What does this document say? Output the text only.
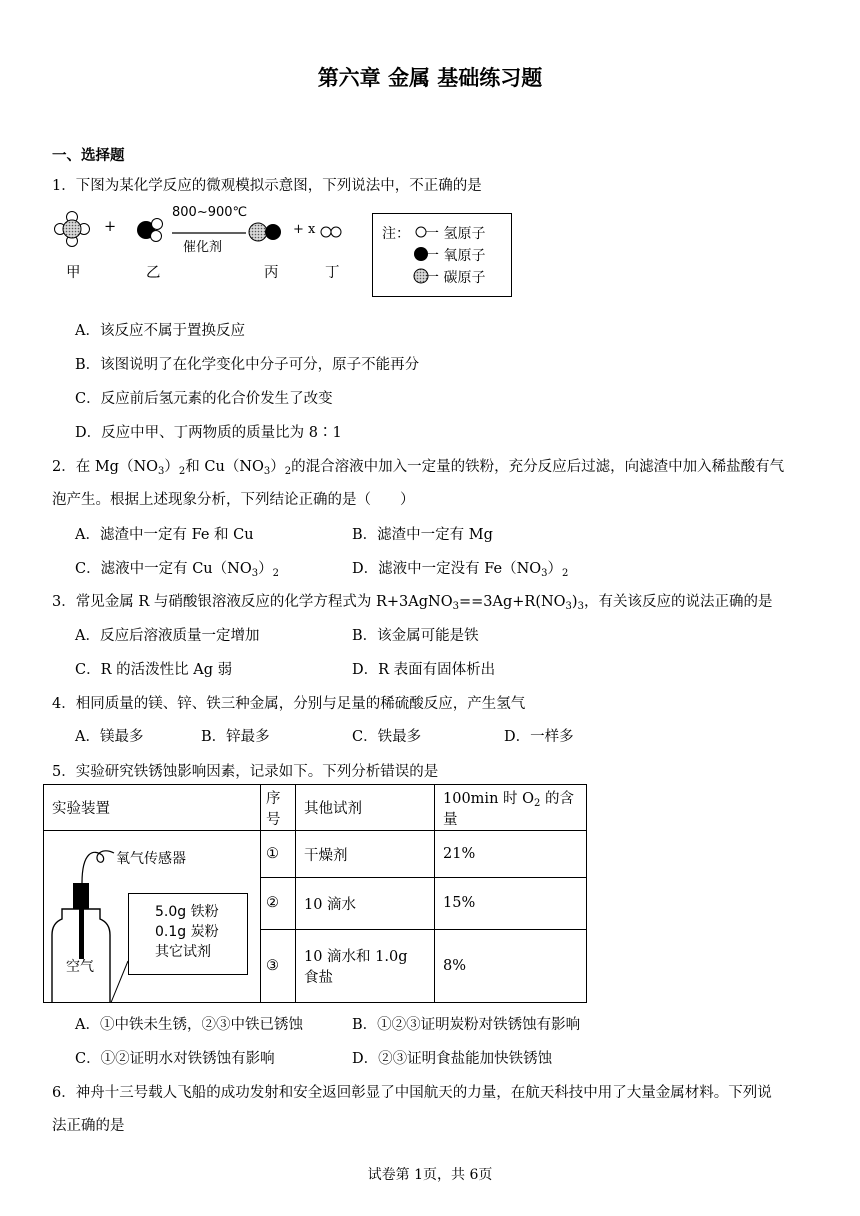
第六章 金属 基础练习题
一、选择题
1．下图为某化学反应的微观模拟示意图，下列说法中，不正确的是
+
800~900℃
催化剂
+ x
甲	乙	丙	丁
注： 一 氢原子
一 氧原子
一 碳原子
A．该反应不属于置换反应
B．该图说明了在化学变化中分子可分，原子不能再分
C．反应前后氢元素的化合价发生了改变
D．反应中甲、丁两物质的质量比为 8∶1
2．在 $Mg(NO_3)_2$和 $Cu(NO_3)_2$的混合溶液中加入一定量的铁粉，充分反应后过滤，向滤渣中加入稀盐酸有气
泡产生。根据上述现象分析，下列结论正确的是（　　）
A．滤渣中一定有 Fe 和 Cu	B．滤渣中一定有 Mg
C．滤液中一定有 $Cu(NO_3)_2$	D．滤液中一定没有 $Fe(NO_3)_2$
3．常见金属 R 与硝酸银溶液反应的化学方程式为 $R+3AgNO_3==3Ag+R(NO_3)_3$，有关该反应的说法正确的是
A．反应后溶液质量一定增加	B．该金属可能是铁
C．R 的活泼性比 Ag 弱	D．R 表面有固体析出
4．相同质量的镁、锌、铁三种金属，分别与足量的稀硫酸反应，产生氢气
A．镁最多	B．锌最多	C．铁最多	D．一样多
5．实验研究铁锈蚀影响因素，记录如下。下列分析错误的是
实验装置	序号	其他试剂	100min 时 $O_2$ 的含量

氧气传感器
5.0g 铁粉
0.1g 炭粉
其它试剂
空气	①	干燥剂	21%
	②	10 滴水	15%
	③	10 滴水和 1.0g 食盐	8%
A．①中铁未生锈，②③中铁已锈蚀	B．①②③证明炭粉对铁锈蚀有影响
C．①②证明水对铁锈蚀有影响	D．②③证明食盐能加快铁锈蚀
6．神舟十三号载人飞船的成功发射和安全返回彰显了中国航天的力量，在航天科技中用了大量金属材料。下列说
法正确的是
试卷第 1页，共 6页
